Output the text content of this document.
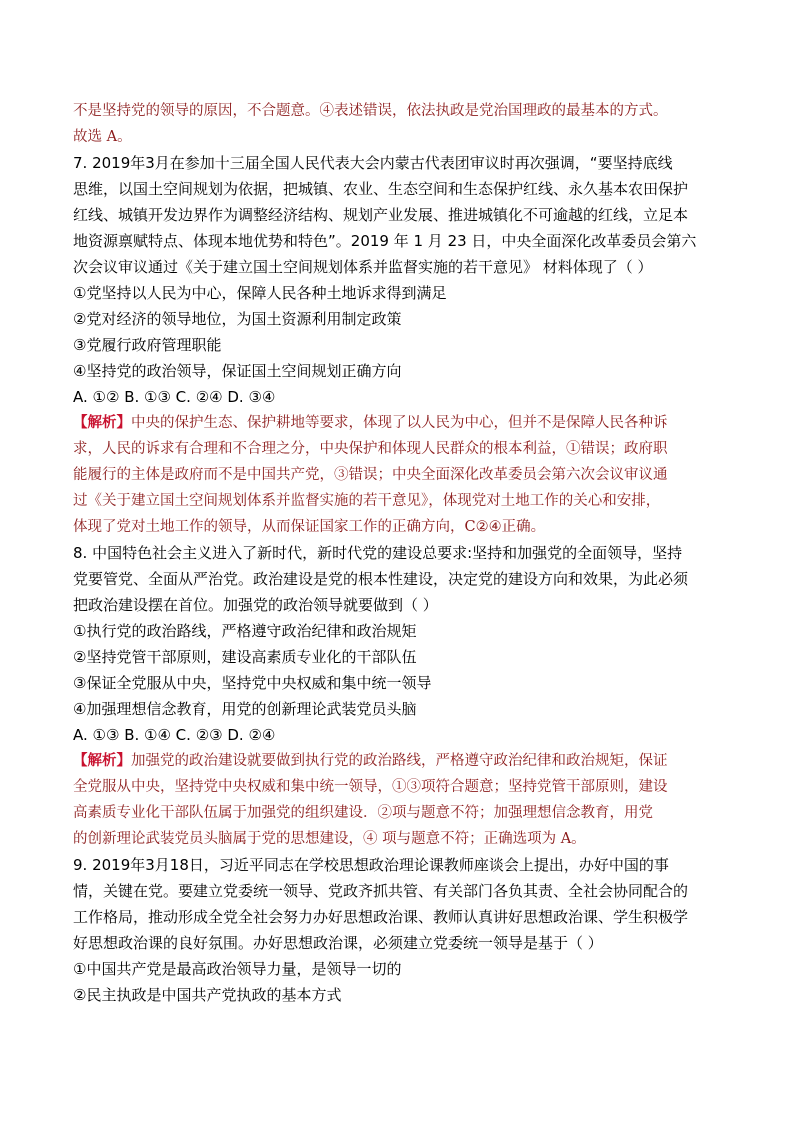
不是坚持党的领导的原因，不合题意。④表述错误，依法执政是党治国理政的最基本的方式。
故选 A。
7. 2019年3月在参加十三届全国人民代表大会内蒙古代表团审议时再次强调，“要坚持底线
思维，以国土空间规划为依据，把城镇、农业、生态空间和生态保护红线、永久基本农田保护
红线、城镇开发边界作为调整经济结构、规划产业发展、推进城镇化不可逾越的红线，立足本
地资源禀赋特点、体现本地优势和特色”。2019 年 1 月 23 日，中央全面深化改革委员会第六
次会议审议通过《关于建立国土空间规划体系并监督实施的若干意见》 材料体现了（ ）
①党坚持以人民为中心，保障人民各种土地诉求得到满足
②党对经济的领导地位，为国土资源利用制定政策
③党履行政府管理职能
④坚持党的政治领导，保证国土空间规划正确方向
A. ①② B. ①③ C. ②④ D. ③④
【解析】中央的保护生态、保护耕地等要求，体现了以人民为中心，但并不是保障人民各种诉
求，人民的诉求有合理和不合理之分，中央保护和体现人民群众的根本利益，①错误；政府职
能履行的主体是政府而不是中国共产党，③错误；中央全面深化改革委员会第六次会议审议通
过《关于建立国土空间规划体系并监督实施的若干意见》，体现党对土地工作的关心和安排，
体现了党对土地工作的领导，从而保证国家工作的正确方向，C②④正确。
8. 中国特色社会主义进入了新时代，新时代党的建设总要求:坚持和加强党的全面领导，坚持
党要管党、全面从严治党。政治建设是党的根本性建设，决定党的建设方向和效果，为此必须
把政治建设摆在首位。加强党的政治领导就要做到（ ）
①执行党的政治路线，严格遵守政治纪律和政治规矩
②坚持党管干部原则，建设高素质专业化的干部队伍
③保证全党服从中央，坚持党中央权威和集中统一领导
④加强理想信念教育，用党的创新理论武装党员头脑
A. ①③ B. ①④ C. ②③ D. ②④
【解析】加强党的政治建设就要做到执行党的政治路线，严格遵守政治纪律和政治规矩，保证
全党服从中央，坚持党中央权威和集中统一领导，①③项符合题意；坚持党管干部原则，建设
高素质专业化干部队伍属于加强党的组织建设．②项与题意不符；加强理想信念教育，用党
的创新理论武装党员头脑属于党的思想建设，④ 项与题意不符；正确选项为 A。
9. 2019年3月18日，习近平同志在学校思想政治理论课教师座谈会上提出，办好中国的事
情，关键在党。要建立党委统一领导、党政齐抓共管、有关部门各负其责、全社会协同配合的
工作格局，推动形成全党全社会努力办好思想政治课、教师认真讲好思想政治课、学生积极学
好思想政治课的良好氛围。办好思想政治课，必须建立党委统一领导是基于（ ）
①中国共产党是最高政治领导力量，是领导一切的
②民主执政是中国共产党执政的基本方式
